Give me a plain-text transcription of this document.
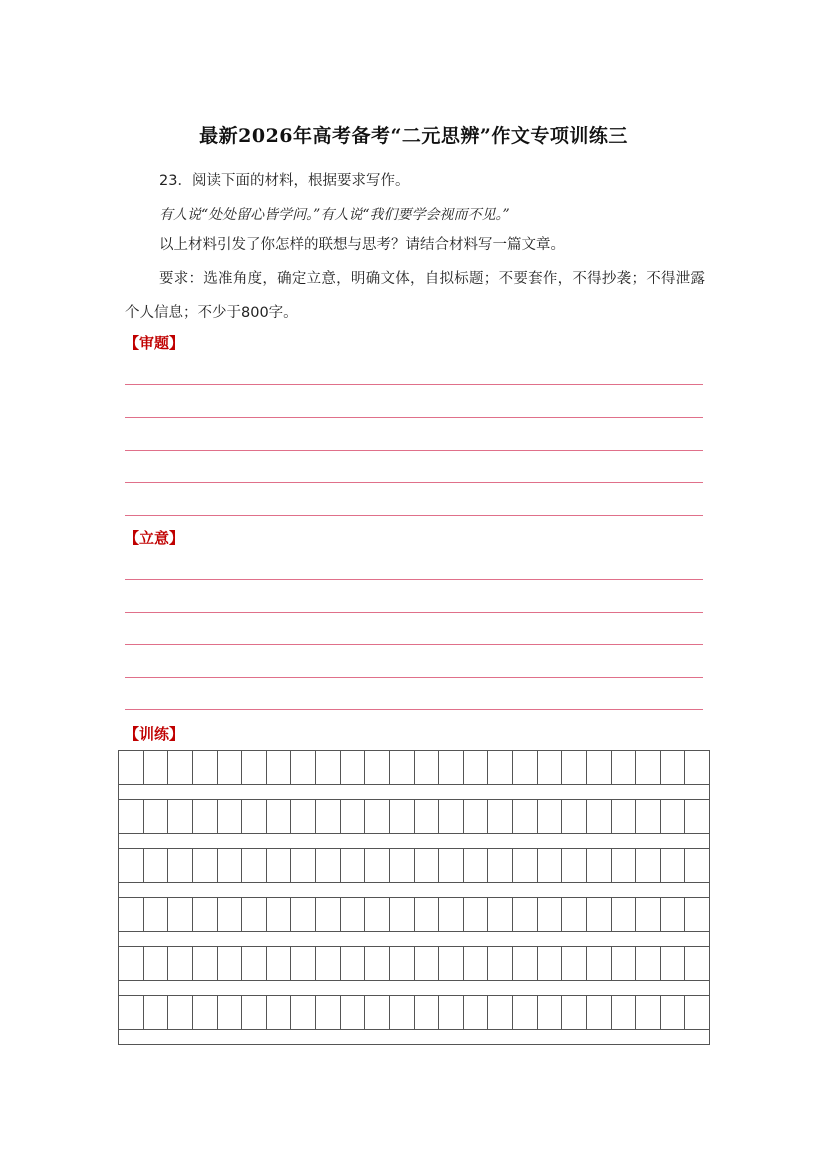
最新2026年高考备考“二元思辨”作文专项训练三
23．阅读下面的材料，根据要求写作。
有人说“处处留心皆学问。”有人说“我们要学会视而不见。”
以上材料引发了你怎样的联想与思考？请结合材料写一篇文章。
要求：选准角度，确定立意，明确文体，自拟标题；不要套作，不得抄袭；不得泄露个人信息；不少于800字。
【审题】
【立意】
【训练】
